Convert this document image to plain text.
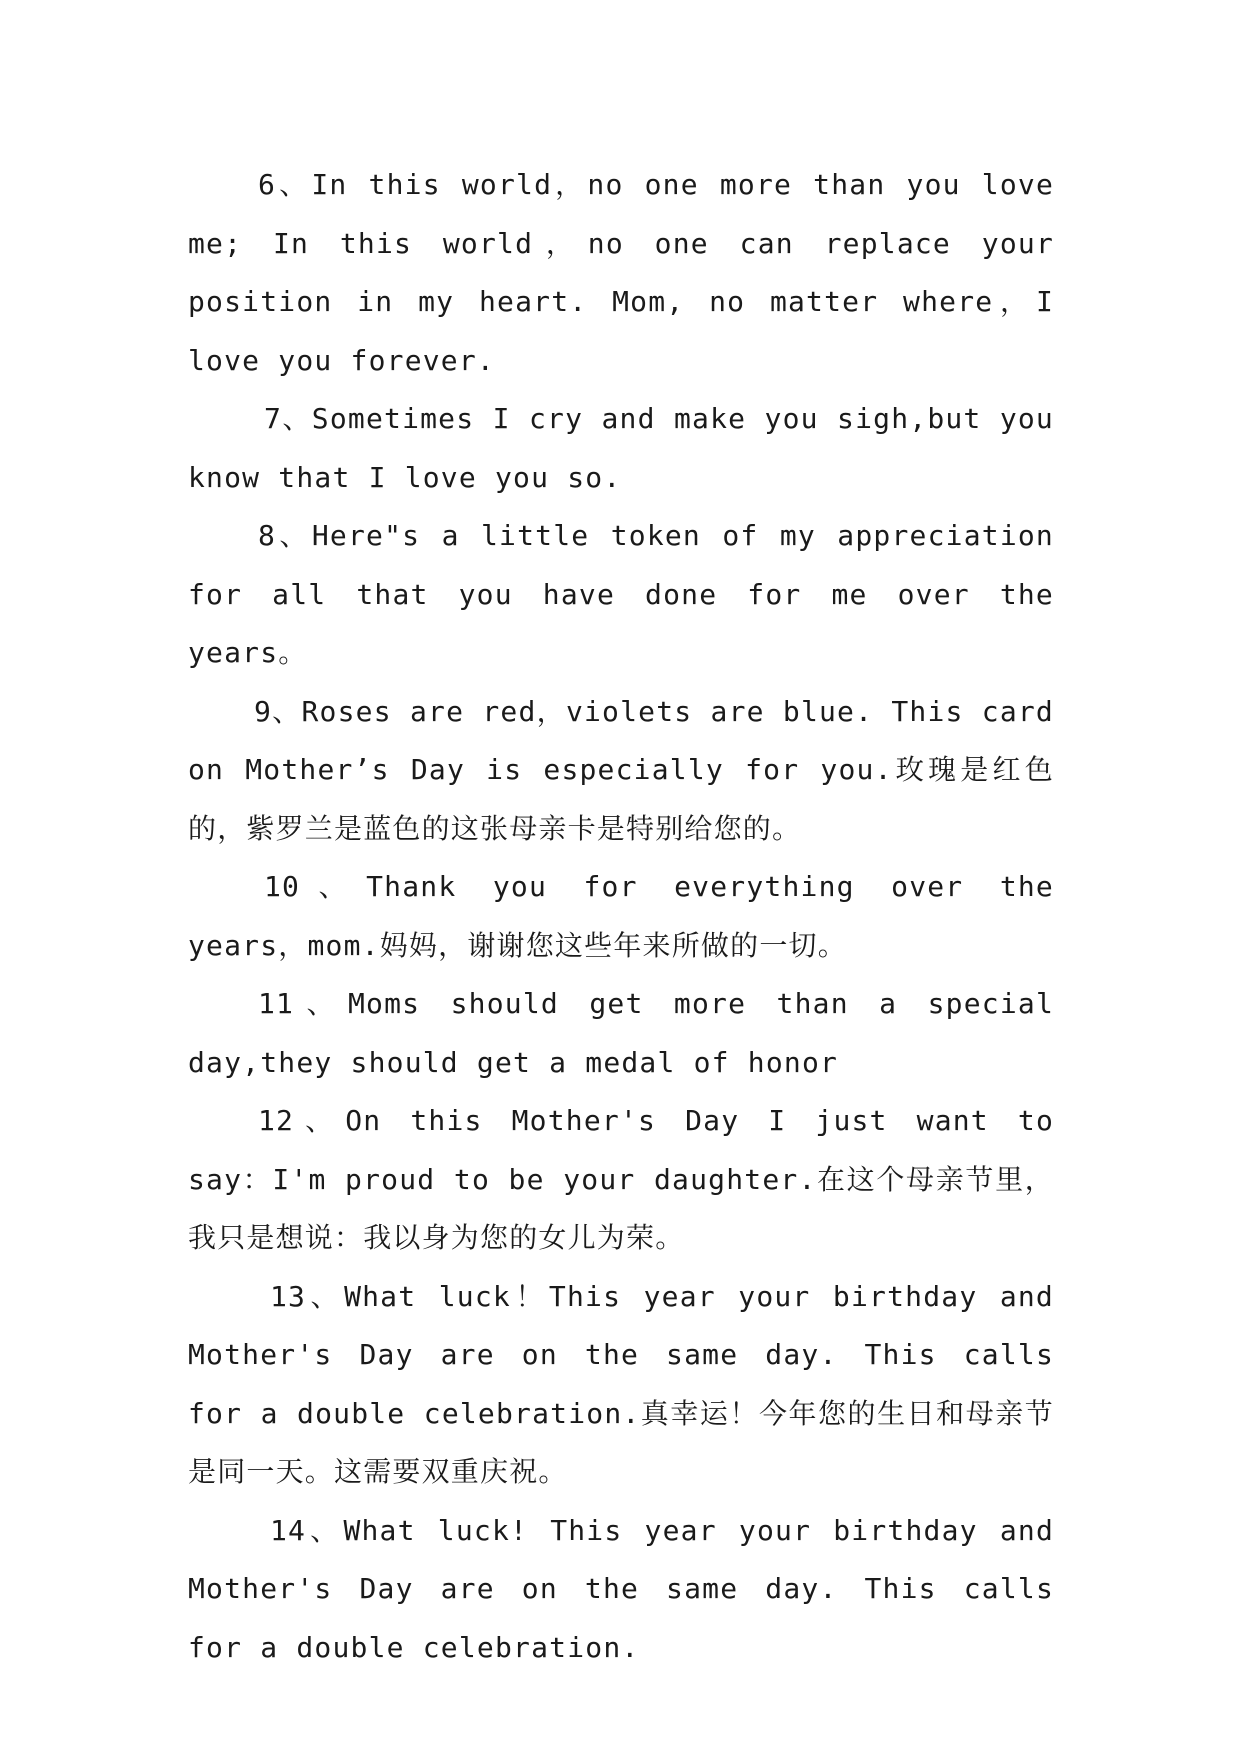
6、In this world，no one more than you love me; In this world，no one can replace your position in my heart. Mom, no matter where，I love you forever.

7、Sometimes I cry and make you sigh,but you know that I love you so.

8、Here"s a little token of my appreciation for all that you have done for me over the years。

9、Roses are red，violets are blue. This card on Mother’s Day is especially for you.玫瑰是红色的，紫罗兰是蓝色的这张母亲卡是特别给您的。

10、Thank you for everything over the years，mom.妈妈，谢谢您这些年来所做的一切。

11、Moms should get more than a special day,they should get a medal of honor

12、On this Mother's Day I just want to say：I'm proud to be your daughter.在这个母亲节里，我只是想说：我以身为您的女儿为荣。

13、What luck！This year your birthday and Mother's Day are on the same day. This calls for a double celebration.真幸运！今年您的生日和母亲节是同一天。这需要双重庆祝。

14、What luck! This year your birthday and Mother's Day are on the same day. This calls for a double celebration.
